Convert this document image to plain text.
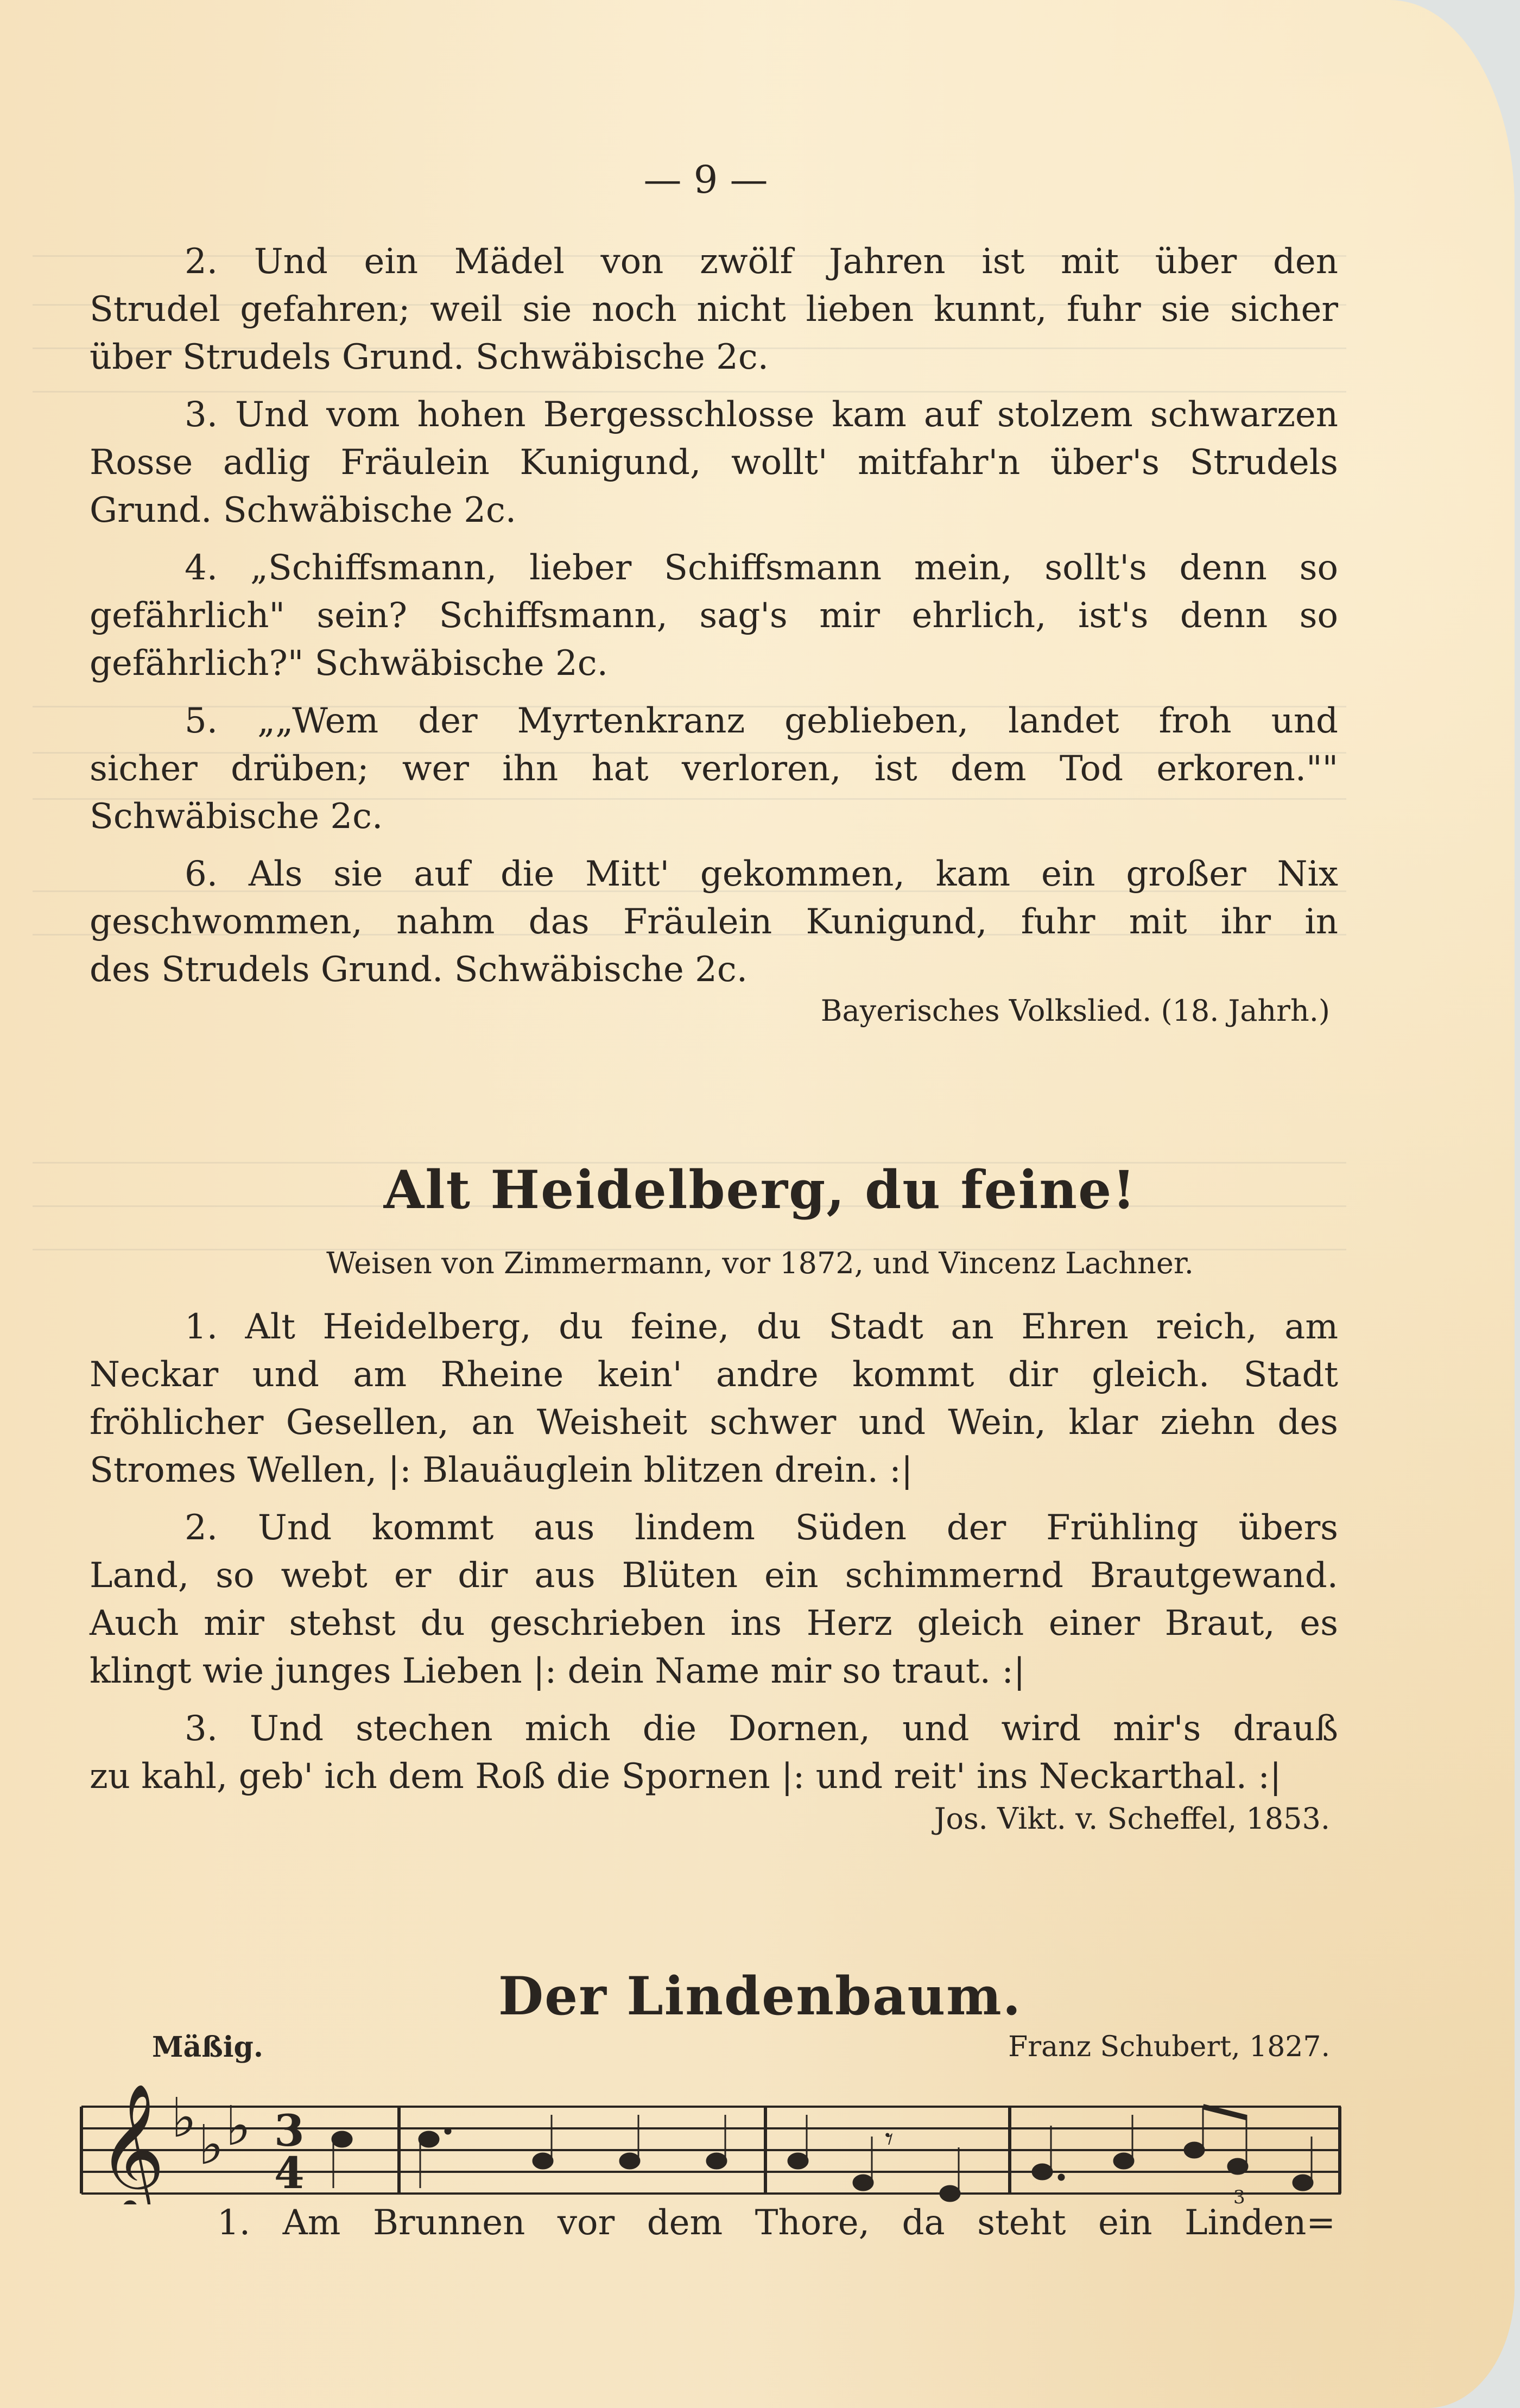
— 9 —
2. Und ein Mädel von zwölf Jahren ist mit über den
Strudel gefahren; weil sie noch nicht lieben kunnt, fuhr sie sicher
über Strudels Grund. Schwäbische 2c.
3. Und vom hohen Bergesschlosse kam auf stolzem schwarzen
Rosse adlig Fräulein Kunigund, wollt' mitfahr'n über's Strudels
Grund. Schwäbische 2c.
4. „Schiffsmann, lieber Schiffsmann mein, sollt's denn so
gefährlich" sein? Schiffsmann, sag's mir ehrlich, ist's denn so
gefährlich?" Schwäbische 2c.
5. „„Wem der Myrtenkranz geblieben, landet froh und
sicher drüben; wer ihn hat verloren, ist dem Tod erkoren.""
Schwäbische 2c.
6. Als sie auf die Mitt' gekommen, kam ein großer Nix
geschwommen, nahm das Fräulein Kunigund, fuhr mit ihr in
des Strudels Grund. Schwäbische 2c.
Bayerisches Volkslied. (18. Jahrh.)
Alt Heidelberg, du feine!
Weisen von Zimmermann, vor 1872, und Vincenz Lachner.
1. Alt Heidelberg, du feine, du Stadt an Ehren reich, am
Neckar und am Rheine kein' andre kommt dir gleich. Stadt
fröhlicher Gesellen, an Weisheit schwer und Wein, klar ziehn des
Stromes Wellen, |: Blauäuglein blitzen drein. :|
2. Und kommt aus lindem Süden der Frühling übers
Land, so webt er dir aus Blüten ein schimmernd Brautgewand.
Auch mir stehst du geschrieben ins Herz gleich einer Braut, es
klingt wie junges Lieben |: dein Name mir so traut. :|
3. Und stechen mich die Dornen, und wird mir's drauß
zu kahl, geb' ich dem Roß die Spornen |: und reit' ins Neckarthal. :|
Jos. Vikt. v. Scheffel, 1853.
Der Lindenbaum.
Mäßig.	Franz Schubert, 1827.
𝄞 ♭ ♭ ♭ 3
4
𝄾
3
1. Am Brunnen vor dem Thore, da steht ein Linden=
